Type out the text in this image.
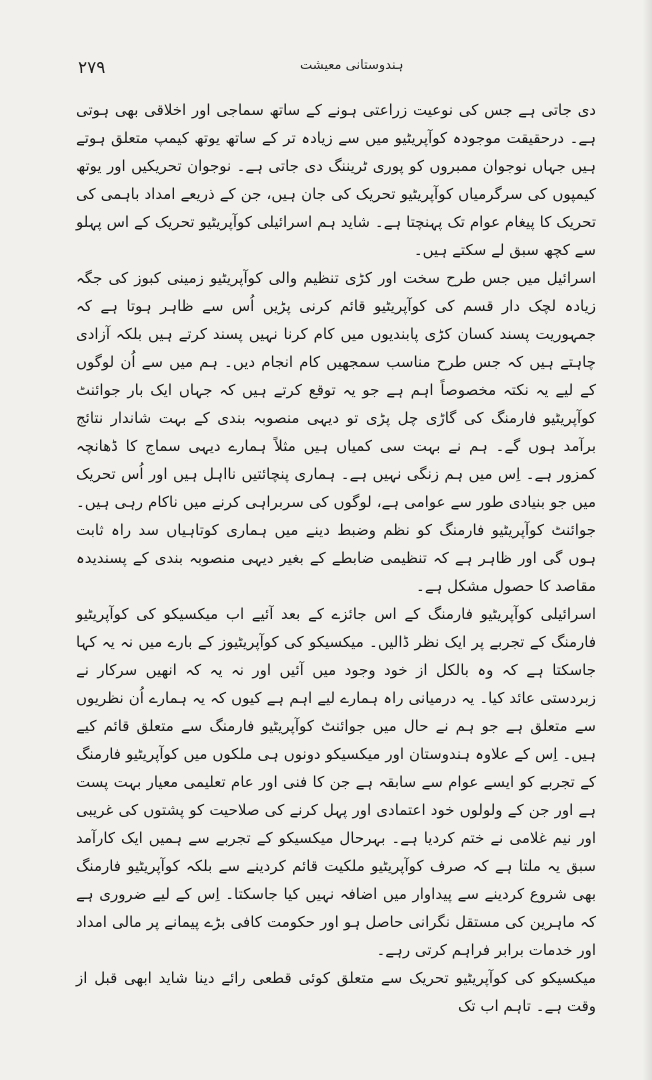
۲۷۹	ہندوستانی معیشت

دی جاتی ہے جس کی نوعیت زراعتی ہونے کے ساتھ سماجی اور اخلاقی بھی ہوتی ہے۔ درحقیقت موجودہ کوآپریٹیو میں سے زیادہ تر کے ساتھ یوتھ کیمپ متعلق ہوتے ہیں جہاں نوجوان ممبروں کو پوری ٹریننگ دی جاتی ہے۔ نوجوان تحریکیں اور یوتھ کیمپوں کی سرگرمیاں کوآپریٹیو تحریک کی جان ہیں، جن کے ذریعے امداد باہمی کی تحریک کا پیغام عوام تک پہنچتا ہے۔ شاید ہم اسرائیلی کوآپریٹیو تحریک کے اس پہلو سے کچھ سبق لے سکتے ہیں۔

اسرائیل میں جس طرح سخت اور کڑی تنظیم والی کوآپریٹیو زمینی کبوز کی جگہ زیادہ لچک دار قسم کی کوآپریٹیو قائم کرنی پڑیں اُس سے ظاہر ہوتا ہے کہ جمہوریت پسند کسان کڑی پابندیوں میں کام کرنا نہیں پسند کرتے ہیں بلکہ آزادی چاہتے ہیں کہ جس طرح مناسب سمجھیں کام انجام دیں۔ ہم میں سے اُن لوگوں کے لیے یہ نکتہ مخصوصاً اہم ہے جو یہ توقع کرتے ہیں کہ جہاں ایک بار جوائنٹ کوآپریٹیو فارمنگ کی گاڑی چل پڑی تو دیہی منصوبہ بندی کے بہت شاندار نتائج برآمد ہوں گے۔ ہم نے بہت سی کمیاں ہیں مثلاً ہمارے دیہی سماج کا ڈھانچہ کمزور ہے۔ اِس میں ہم زنگی نہیں ہے۔ ہماری پنچائتیں نااہل ہیں اور اُس تحریک میں جو بنیادی طور سے عوامی ہے، لوگوں کی سربراہی کرنے میں ناکام رہی ہیں۔ جوائنٹ کوآپریٹیو فارمنگ کو نظم وضبط دینے میں ہماری کوتاہیاں سد راہ ثابت ہوں گی اور ظاہر ہے کہ تنظیمی ضابطے کے بغیر دیہی منصوبہ بندی کے پسندیدہ مقاصد کا حصول مشکل ہے۔

اسرائیلی کوآپریٹیو فارمنگ کے اس جائزے کے بعد آئیے اب میکسیکو کی کوآپریٹیو فارمنگ کے تجربے پر ایک نظر ڈالیں۔ میکسیکو کی کوآپریٹیوز کے بارے میں نہ یہ کہا جاسکتا ہے کہ وہ بالکل از خود وجود میں آئیں اور نہ یہ کہ انھیں سرکار نے زبردستی عائد کیا۔ یہ درمیانی راہ ہمارے لیے اہم ہے کیوں کہ یہ ہمارے اُن نظریوں سے متعلق ہے جو ہم نے حال میں جوائنٹ کوآپریٹیو فارمنگ سے متعلق قائم کیے ہیں۔ اِس کے علاوہ ہندوستان اور میکسیکو دونوں ہی ملکوں میں کوآپریٹیو فارمنگ کے تجربے کو ایسے عوام سے سابقہ ہے جن کا فنی اور عام تعلیمی معیار بہت پست ہے اور جن کے ولولوں خود اعتمادی اور پہل کرنے کی صلاحیت کو پشتوں کی غریبی اور نیم غلامی نے ختم کردیا ہے۔ بہرحال میکسیکو کے تجربے سے ہمیں ایک کارآمد سبق یہ ملتا ہے کہ صرف کوآپریٹیو ملکیت قائم کردینے سے بلکہ کوآپریٹیو فارمنگ بھی شروع کردینے سے پیداوار میں اضافہ نہیں کیا جاسکتا۔ اِس کے لیے ضروری ہے کہ ماہرین کی مستقل نگرانی حاصل ہو اور حکومت کافی بڑے پیمانے پر مالی امداد اور خدمات برابر فراہم کرتی رہے۔

میکسیکو کی کوآپریٹیو تحریک سے متعلق کوئی قطعی رائے دینا شاید ابھی قبل از وقت ہے۔ تاہم اب تک
